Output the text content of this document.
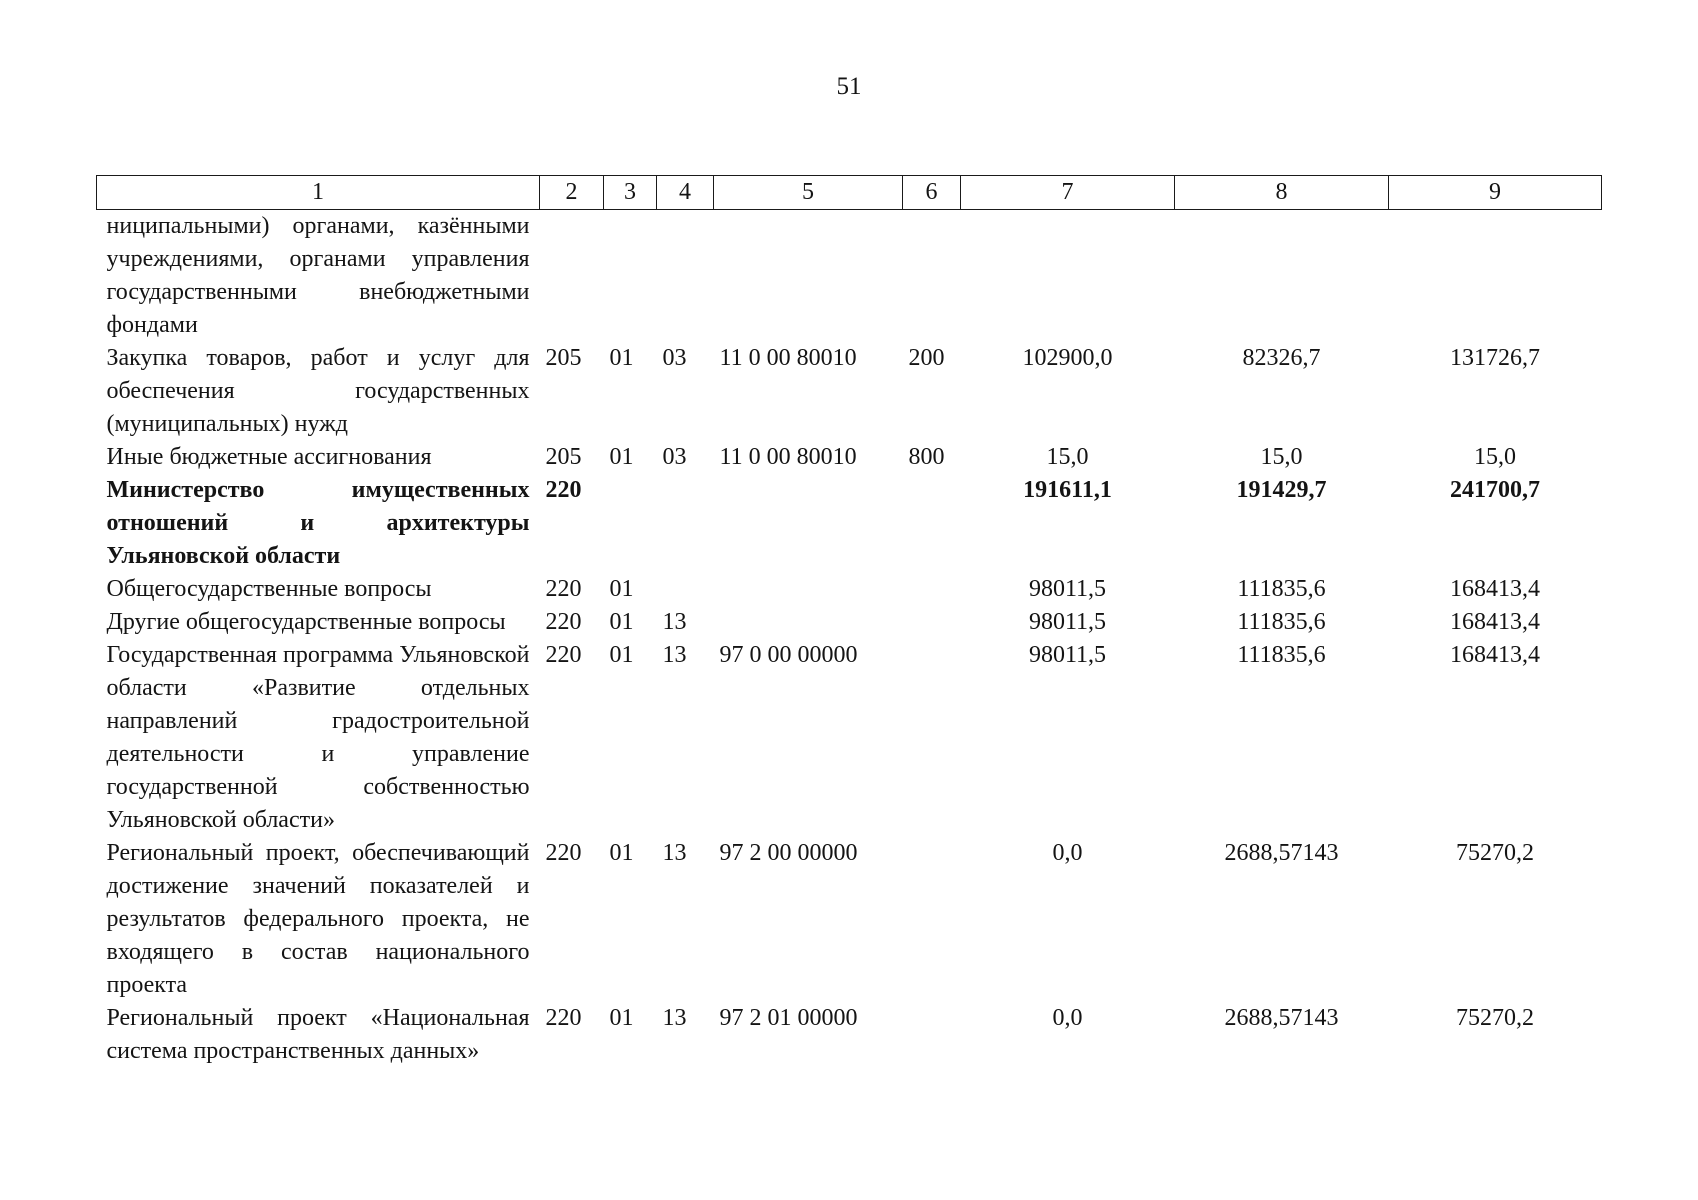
51
1	2	3	4	5	6	7	8	9
ниципальными) органами, казёнными учреждениями, органами управления государственными внебюджетными фондами								
Закупка товаров, работ и услуг для обеспечения государственных (муниципальных) нужд	205	01	03	11 0 00 80010	200	102900,0	82326,7	131726,7
Иные бюджетные ассигнования	205	01	03	11 0 00 80010	800	15,0	15,0	15,0
Министерство имущественных отношений и архитектуры Ульяновской области	220					191611,1	191429,7	241700,7
Общегосударственные вопросы	220	01				98011,5	111835,6	168413,4
Другие общегосударственные вопросы	220	01	13			98011,5	111835,6	168413,4
Государственная программа Ульяновской области «Развитие отдельных направлений градостроительной деятельности и управление государственной собственностью Ульяновской области»	220	01	13	97 0 00 00000		98011,5	111835,6	168413,4
Региональный проект, обеспечивающий достижение значений показателей и результатов федерального проекта, не входящего в состав национального проекта	220	01	13	97 2 00 00000		0,0	2688,57143	75270,2
Региональный проект «Национальная система пространственных данных»	220	01	13	97 2 01 00000		0,0	2688,57143	75270,2
